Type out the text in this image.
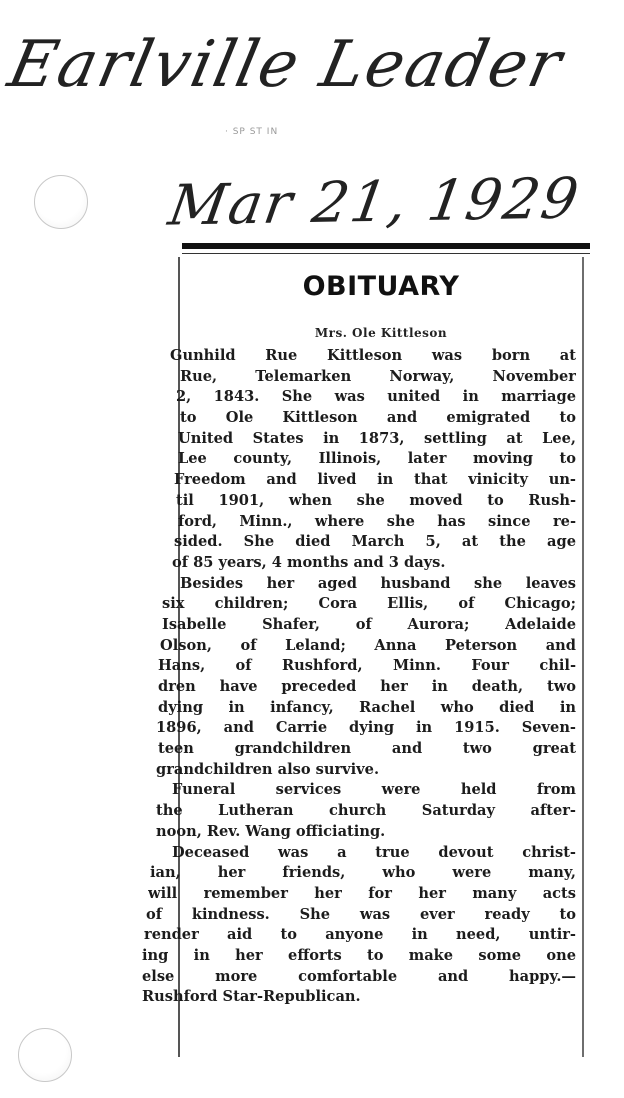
Earlville Leader
Mar 21, 1929
· SP ST IN
OBITUARY
Mrs. Ole Kittleson
Gunhild Rue Kittleson was born at
Rue, Telemarken Norway, November
2, 1843. She was united in marriage
to Ole Kittleson and emigrated to
United States in 1873, settling at Lee,
Lee county, Illinois, later moving to
Freedom and lived in that vinicity un-
til 1901, when she moved to Rush-
ford, Minn., where she has since re-
sided. She died March 5, at the age
of 85 years, 4 months and 3 days.
Besides her aged husband she leaves
six children; Cora Ellis, of Chicago;
Isabelle Shafer, of Aurora; Adelaide
Olson, of Leland; Anna Peterson and
Hans, of Rushford, Minn. Four chil-
dren have preceded her in death, two
dying in infancy, Rachel who died in
1896, and Carrie dying in 1915. Seven-
teen grandchildren and two great
grandchildren also survive.
Funeral services were held from
the Lutheran church Saturday after-
noon, Rev. Wang officiating.
Deceased was a true devout christ-
ian, her friends, who were many,
will remember her for her many acts
of kindness. She was ever ready to
render aid to anyone in need, untir-
ing in her efforts to make some one
else more comfortable and happy.—
Rushford Star-Republican.
